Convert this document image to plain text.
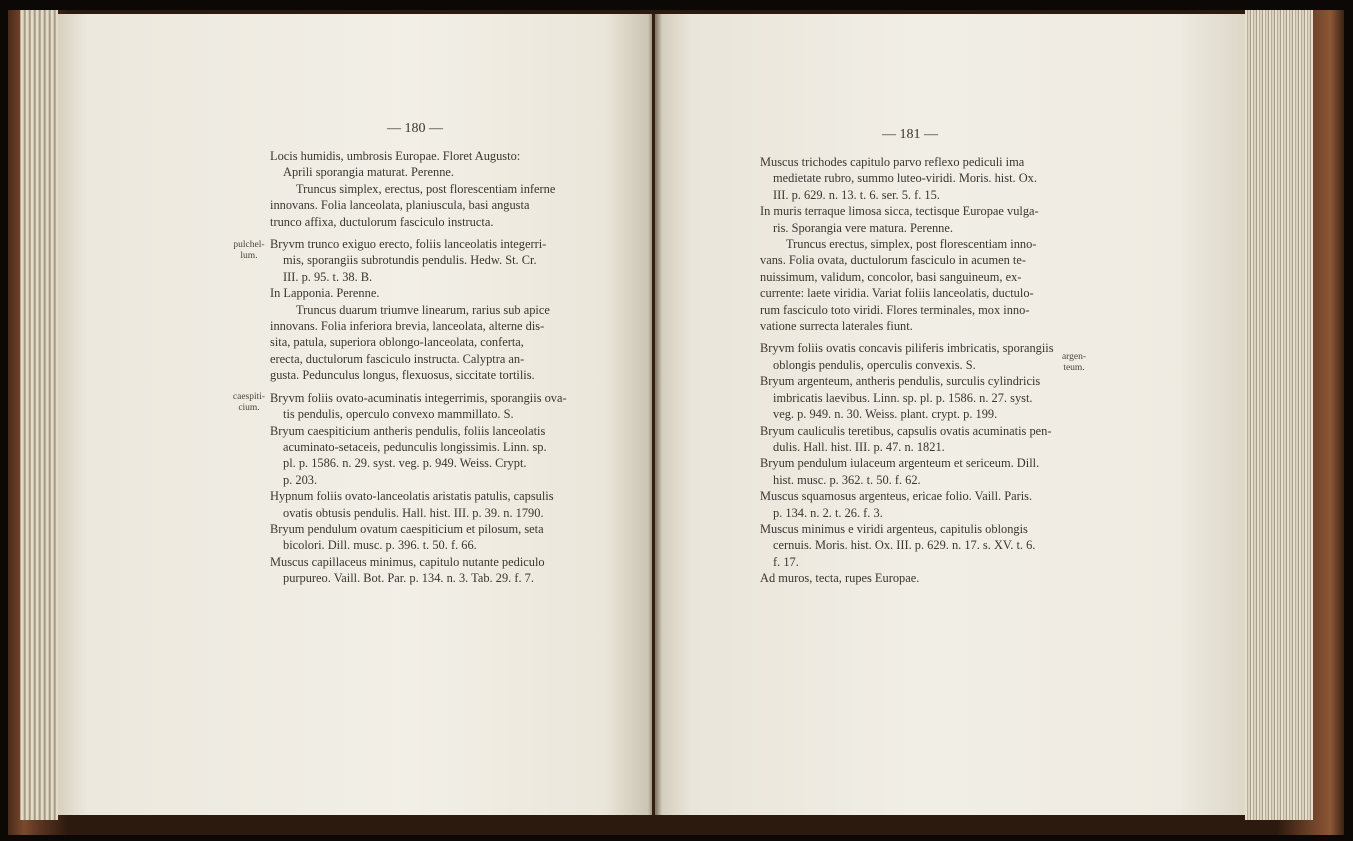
— 180 —

Locis humidis, umbrosis Europae. Floret Augusto:

Aprili sporangia maturat. Perenne.

Truncus simplex, erectus, post florescentiam inferne

innovans. Folia lanceolata, planiuscula, basi angusta

trunco affixa, ductulorum fasciculo instructa.

Bryvm trunco exiguo erecto, foliis lanceolatis integerri-

mis, sporangiis subrotundis pendulis. Hedw. St. Cr.

III. p. 95. t. 38. B.

In Lapponia. Perenne.

Truncus duarum triumve linearum, rarius sub apice

innovans. Folia inferiora brevia, lanceolata, alterne dis-

sita, patula, superiora oblongo-lanceolata, conferta,

erecta, ductulorum fasciculo instructa. Calyptra an-

gusta. Pedunculus longus, flexuosus, siccitate tortilis.

Bryvm foliis ovato-acuminatis integerrimis, sporangiis ova-

tis pendulis, operculo convexo mammillato. S.

Bryum caespiticium antheris pendulis, foliis lanceolatis

acuminato-setaceis, pedunculis longissimis. Linn. sp.

pl. p. 1586. n. 29. syst. veg. p. 949. Weiss. Crypt.

p. 203.

Hypnum foliis ovato-lanceolatis aristatis patulis, capsulis

ovatis obtusis pendulis. Hall. hist. III. p. 39. n. 1790.

Bryum pendulum ovatum caespiticium et pilosum, seta

bicolori. Dill. musc. p. 396. t. 50. f. 66.

Muscus capillaceus minimus, capitulo nutante pediculo

purpureo. Vaill. Bot. Par. p. 134. n. 3. Tab. 29. f. 7.

pulchel-
lum.
caespiti-
cium.
— 181 —

Muscus trichodes capitulo parvo reflexo pediculi ima

medietate rubro, summo luteo-viridi. Moris. hist. Ox.

III. p. 629. n. 13. t. 6. ser. 5. f. 15.

In muris terraque limosa sicca, tectisque Europae vulga-

ris. Sporangia vere matura. Perenne.

Truncus erectus, simplex, post florescentiam inno-

vans. Folia ovata, ductulorum fasciculo in acumen te-

nuissimum, validum, concolor, basi sanguineum, ex-

currente: laete viridia. Variat foliis lanceolatis, ductulo-

rum fasciculo toto viridi. Flores terminales, mox inno-

vatione surrecta laterales fiunt.

Bryvm foliis ovatis concavis piliferis imbricatis, sporangiis

oblongis pendulis, operculis convexis. S.

Bryum argenteum, antheris pendulis, surculis cylindricis

imbricatis laevibus. Linn. sp. pl. p. 1586. n. 27. syst.

veg. p. 949. n. 30. Weiss. plant. crypt. p. 199.

Bryum cauliculis teretibus, capsulis ovatis acuminatis pen-

dulis. Hall. hist. III. p. 47. n. 1821.

Bryum pendulum iulaceum argenteum et sericeum. Dill.

hist. musc. p. 362. t. 50. f. 62.

Muscus squamosus argenteus, ericae folio. Vaill. Paris.

p. 134. n. 2. t. 26. f. 3.

Muscus minimus e viridi argenteus, capitulis oblongis

cernuis. Moris. hist. Ox. III. p. 629. n. 17. s. XV. t. 6.

f. 17.

Ad muros, tecta, rupes Europae.

argen-
teum.
